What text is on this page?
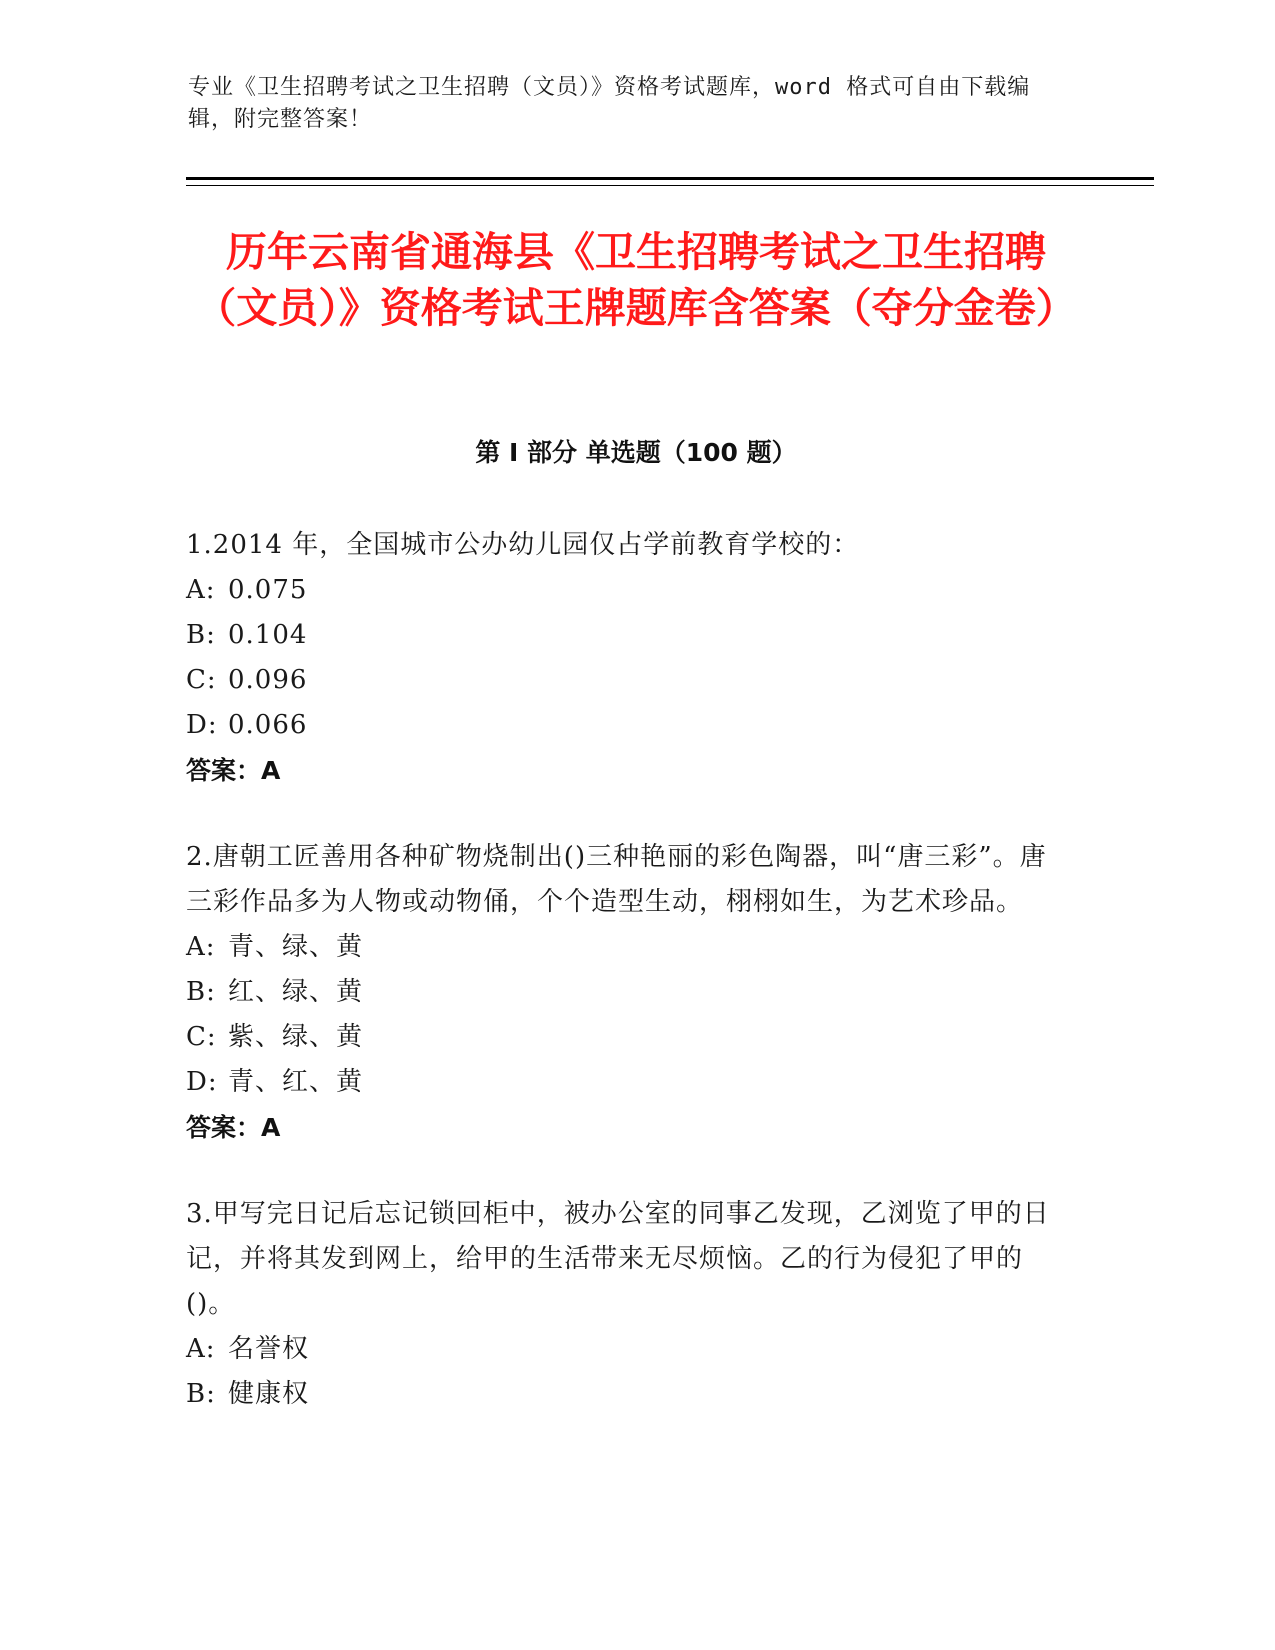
专业《卫生招聘考试之卫生招聘（文员）》资格考试题库，word 格式可自由下载编辑，附完整答案！
历年云南省通海县《卫生招聘考试之卫生招聘（文员）》资格考试王牌题库含答案（夺分金卷）
第 I 部分 单选题（100 题）
1.2014 年，全国城市公办幼儿园仅占学前教育学校的：
A: 0.075
B: 0.104
C: 0.096
D: 0.066
答案：A
2.唐朝工匠善用各种矿物烧制出()三种艳丽的彩色陶器，叫“唐三彩”。唐三彩作品多为人物或动物俑，个个造型生动，栩栩如生，为艺术珍品。
A: 青、绿、黄
B: 红、绿、黄
C: 紫、绿、黄
D: 青、红、黄
答案：A
3.甲写完日记后忘记锁回柜中，被办公室的同事乙发现，乙浏览了甲的日记，并将其发到网上，给甲的生活带来无尽烦恼。乙的行为侵犯了甲的()。
A: 名誉权
B: 健康权
